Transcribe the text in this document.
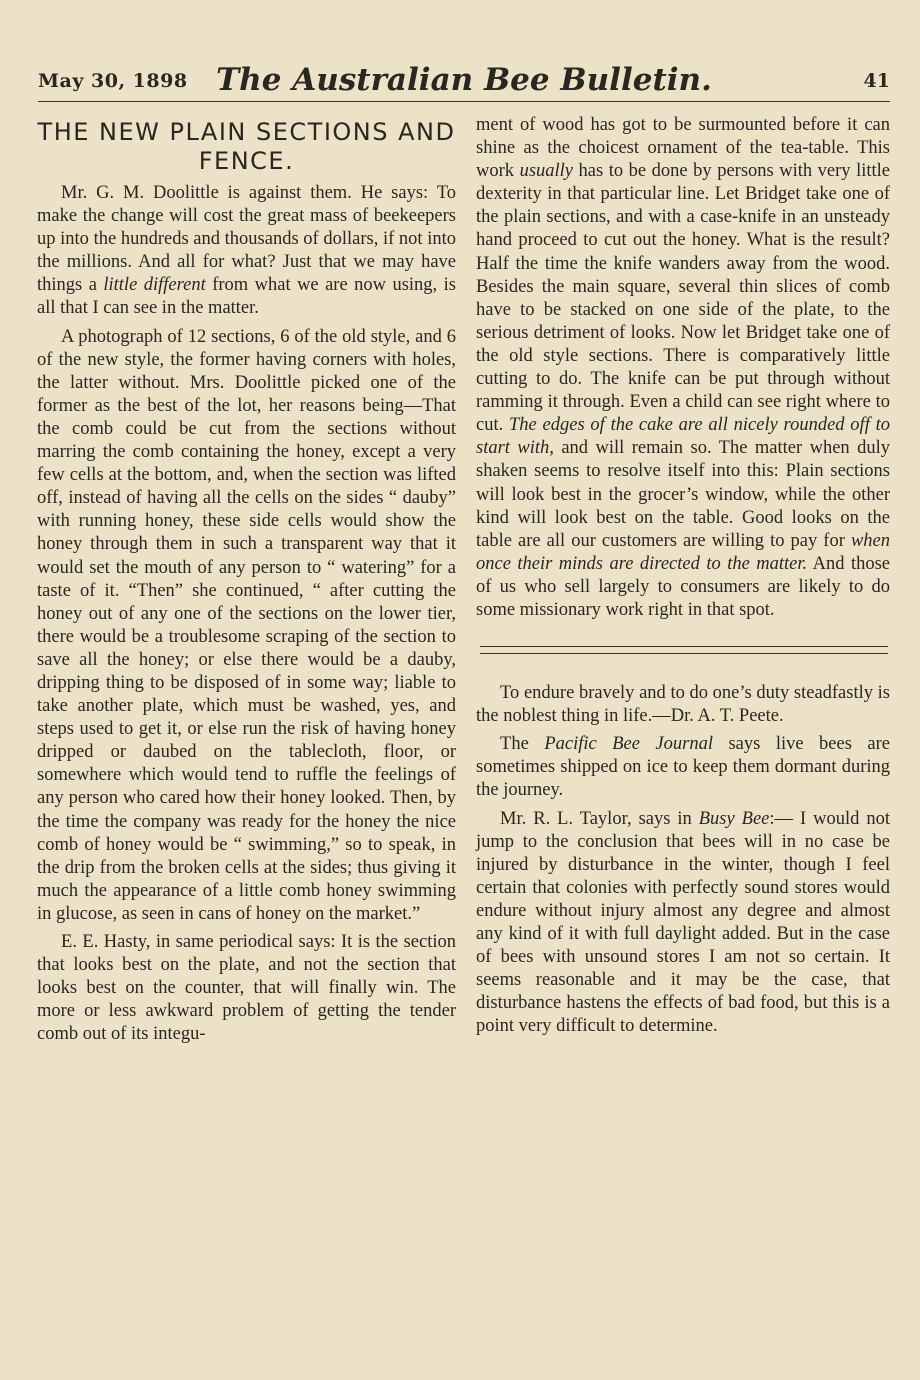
May 30, 1898 The Australian Bee Bulletin.	41
THE NEW PLAIN SECTIONS AND FENCE.

Mr. G. M. Doolittle is against them. He says: To make the change will cost the great mass of beekeepers up into the hundreds and thousands of dollars, if not into the millions. And all for what? Just that we may have things a little different from what we are now using, is all that I can see in the matter.

A photograph of 12 sections, 6 of the old style, and 6 of the new style, the former having corners with holes, the latter without. Mrs. Doolittle picked one of the former as the best of the lot, her reasons being—That the comb could be cut from the sections without marring the comb containing the honey, except a very few cells at the bottom, and, when the section was lifted off, instead of having all the cells on the sides “ dauby” with running honey, these side cells would show the honey through them in such a transparent way that it would set the mouth of any person to “ watering” for a taste of it. “Then” she continued, “ after cutting the honey out of any one of the sections on the lower tier, there would be a troublesome scraping of the section to save all the honey; or else there would be a dauby, dripping thing to be disposed of in some way; liable to take another plate, which must be washed, yes, and steps used to get it, or else run the risk of having honey dripped or daubed on the tablecloth, floor, or somewhere which would tend to ruffle the feelings of any person who cared how their honey looked. Then, by the time the company was ready for the honey the nice comb of honey would be “ swimming,” so to speak, in the drip from the broken cells at the sides; thus giving it much the appearance of a little comb honey swimming in glucose, as seen in cans of honey on the market.”

E. E. Hasty, in same periodical says: It is the section that looks best on the plate, and not the section that looks best on the counter, that will finally win. The more or less awkward problem of getting the tender comb out of its integu-

ment of wood has got to be surmounted before it can shine as the choicest ornament of the tea-table. This work usually has to be done by persons with very little dexterity in that particular line. Let Bridget take one of the plain sections, and with a case-knife in an unsteady hand proceed to cut out the honey. What is the result? Half the time the knife wanders away from the wood. Besides the main square, several thin slices of comb have to be stacked on one side of the plate, to the serious detriment of looks. Now let Bridget take one of the old style sections. There is comparatively little cutting to do. The knife can be put through without ramming it through. Even a child can see right where to cut. The edges of the cake are all nicely rounded off to start with, and will remain so. The matter when duly shaken seems to resolve itself into this: Plain sections will look best in the grocer’s window, while the other kind will look best on the table. Good looks on the table are all our customers are willing to pay for when once their minds are directed to the matter. And those of us who sell largely to consumers are likely to do some missionary work right in that spot.

To endure bravely and to do one’s duty steadfastly is the noblest thing in life.—Dr. A. T. Peete.

The Pacific Bee Journal says live bees are sometimes shipped on ice to keep them dormant during the journey.

Mr. R. L. Taylor, says in Busy Bee:— I would not jump to the conclusion that bees will in no case be injured by disturbance in the winter, though I feel certain that colonies with perfectly sound stores would endure without injury almost any degree and almost any kind of it with full daylight added. But in the case of bees with unsound stores I am not so certain. It seems reasonable and it may be the case, that disturbance hastens the effects of bad food, but this is a point very difficult to determine.
